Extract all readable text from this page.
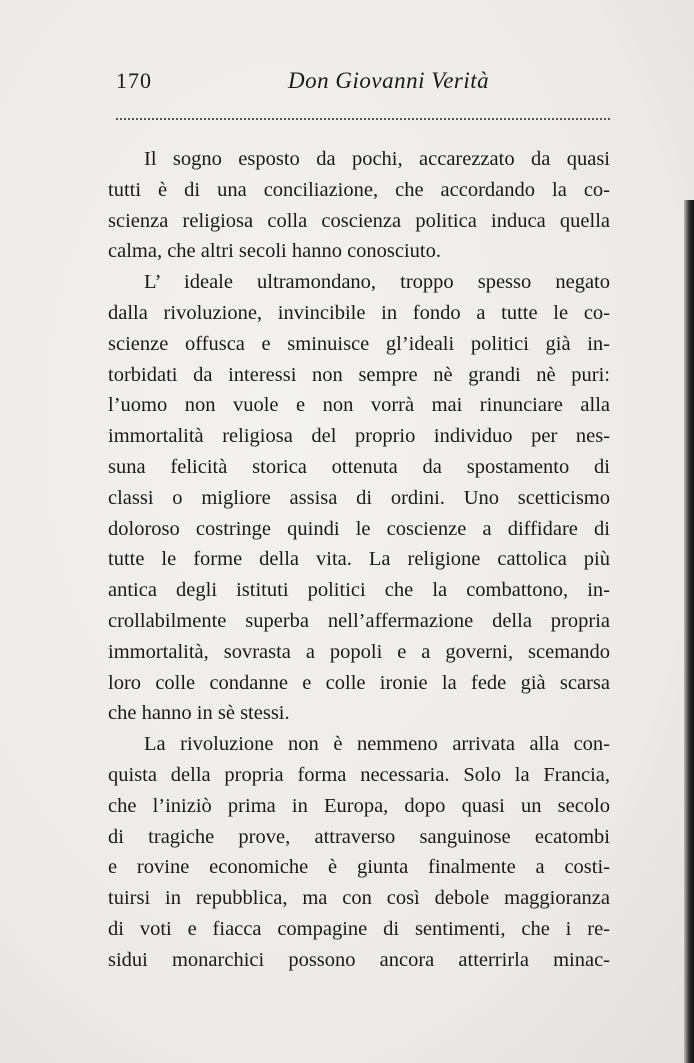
170	Don Giovanni Verità
Il sogno esposto da pochi, accarezzato da quasi
tutti è di una conciliazione, che accordando la co-
scienza religiosa colla coscienza politica induca quella
calma, che altri secoli hanno conosciuto.
L’ ideale ultramondano, troppo spesso negato
dalla rivoluzione, invincibile in fondo a tutte le co-
scienze offusca e sminuisce gl’ideali politici già in-
torbidati da interessi non sempre nè grandi nè puri:
l’uomo non vuole e non vorrà mai rinunciare alla
immortalità religiosa del proprio individuo per nes-
suna felicità storica ottenuta da spostamento di
classi o migliore assisa di ordini. Uno scetticismo
doloroso costringe quindi le coscienze a diffidare di
tutte le forme della vita. La religione cattolica più
antica degli istituti politici che la combattono, in-
crollabilmente superba nell’affermazione della propria
immortalità, sovrasta a popoli e a governi, scemando
loro colle condanne e colle ironie la fede già scarsa
che hanno in sè stessi.
La rivoluzione non è nemmeno arrivata alla con-
quista della propria forma necessaria. Solo la Francia,
che l’iniziò prima in Europa, dopo quasi un secolo
di tragiche prove, attraverso sanguinose ecatombi
e rovine economiche è giunta finalmente a costi-
tuirsi in repubblica, ma con così debole maggioranza
di voti e fiacca compagine di sentimenti, che i re-
sidui monarchici possono ancora atterrirla minac-
